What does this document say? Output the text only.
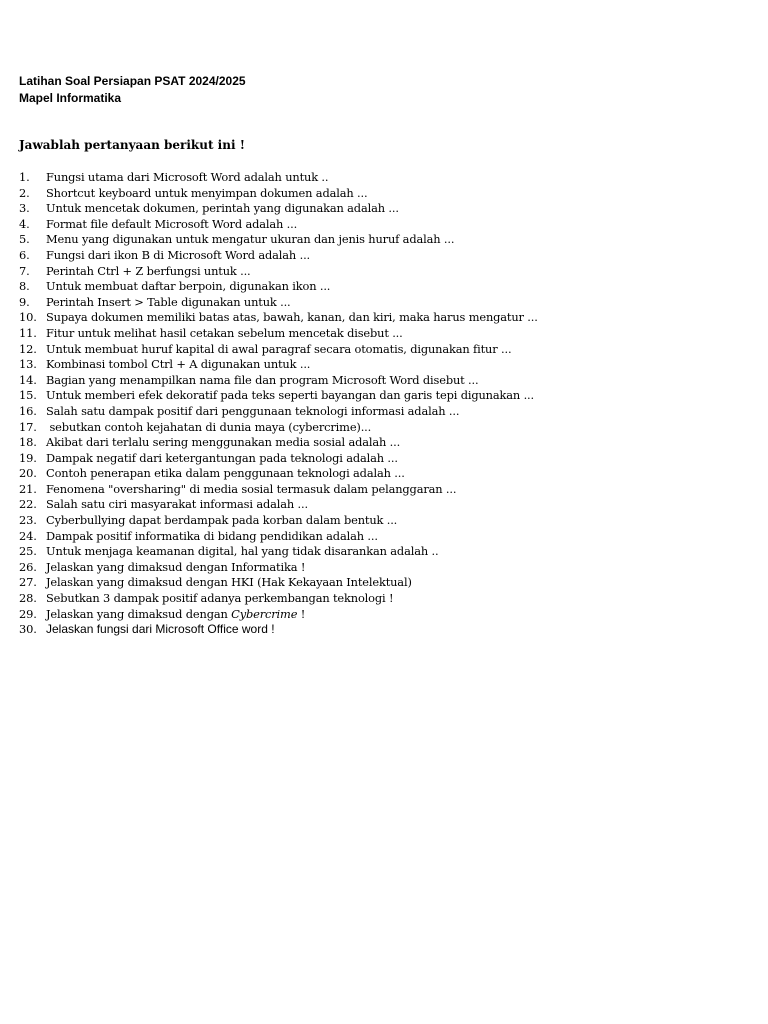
Latihan Soal Persiapan PSAT 2024/2025
Mapel Informatika
Jawablah pertanyaan berikut ini !
1. Fungsi utama dari Microsoft Word adalah untuk ..
2. Shortcut keyboard untuk menyimpan dokumen adalah ...
3. Untuk mencetak dokumen, perintah yang digunakan adalah ...
4. Format file default Microsoft Word adalah ...
5. Menu yang digunakan untuk mengatur ukuran dan jenis huruf adalah ...
6. Fungsi dari ikon B di Microsoft Word adalah ...
7. Perintah Ctrl + Z berfungsi untuk ...
8. Untuk membuat daftar berpoin, digunakan ikon ...
9. Perintah Insert > Table digunakan untuk ...
10. Supaya dokumen memiliki batas atas, bawah, kanan, dan kiri, maka harus mengatur ...
11. Fitur untuk melihat hasil cetakan sebelum mencetak disebut ...
12. Untuk membuat huruf kapital di awal paragraf secara otomatis, digunakan fitur ...
13. Kombinasi tombol Ctrl + A digunakan untuk ...
14. Bagian yang menampilkan nama file dan program Microsoft Word disebut ...
15. Untuk memberi efek dekoratif pada teks seperti bayangan dan garis tepi digunakan ...
16. Salah satu dampak positif dari penggunaan teknologi informasi adalah ...
17. sebutkan contoh kejahatan di dunia maya (cybercrime)...
18. Akibat dari terlalu sering menggunakan media sosial adalah ...
19. Dampak negatif dari ketergantungan pada teknologi adalah ...
20. Contoh penerapan etika dalam penggunaan teknologi adalah ...
21. Fenomena "oversharing" di media sosial termasuk dalam pelanggaran ...
22. Salah satu ciri masyarakat informasi adalah ...
23. Cyberbullying dapat berdampak pada korban dalam bentuk ...
24. Dampak positif informatika di bidang pendidikan adalah ...
25. Untuk menjaga keamanan digital, hal yang tidak disarankan adalah ..
26. Jelaskan yang dimaksud dengan Informatika !
27. Jelaskan yang dimaksud dengan HKI (Hak Kekayaan Intelektual)
28. Sebutkan 3 dampak positif adanya perkembangan teknologi !
29. Jelaskan yang dimaksud dengan Cybercrime !
30. Jelaskan fungsi dari Microsoft Office word !
